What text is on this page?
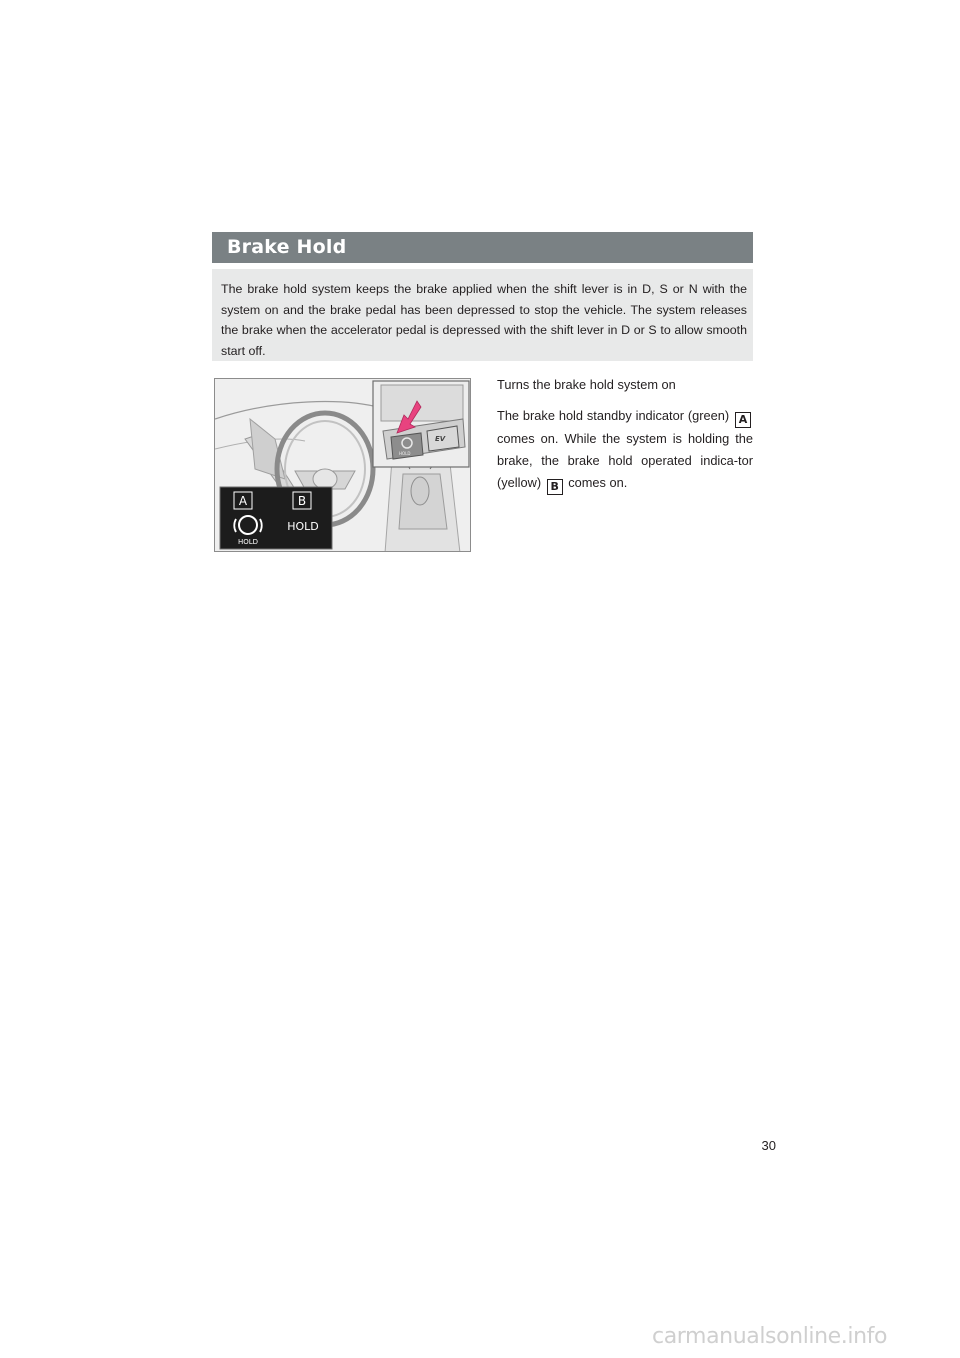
Brake Hold

The brake hold system keeps the brake applied when the shift lever is in D, S or N with the system on and the brake pedal has been depressed to stop the vehicle. The system releases the brake when the accelerator pedal is depressed with the shift lever in D or S to allow smooth start off.

HOLD
EV
A	B
HOLD
HOLD

Turns the brake hold system on

The brake hold standby indicator (green) A comes on. While the system is holding the brake, the brake hold operated indica-tor (yellow) B comes on.

30
carmanualsonline.info
